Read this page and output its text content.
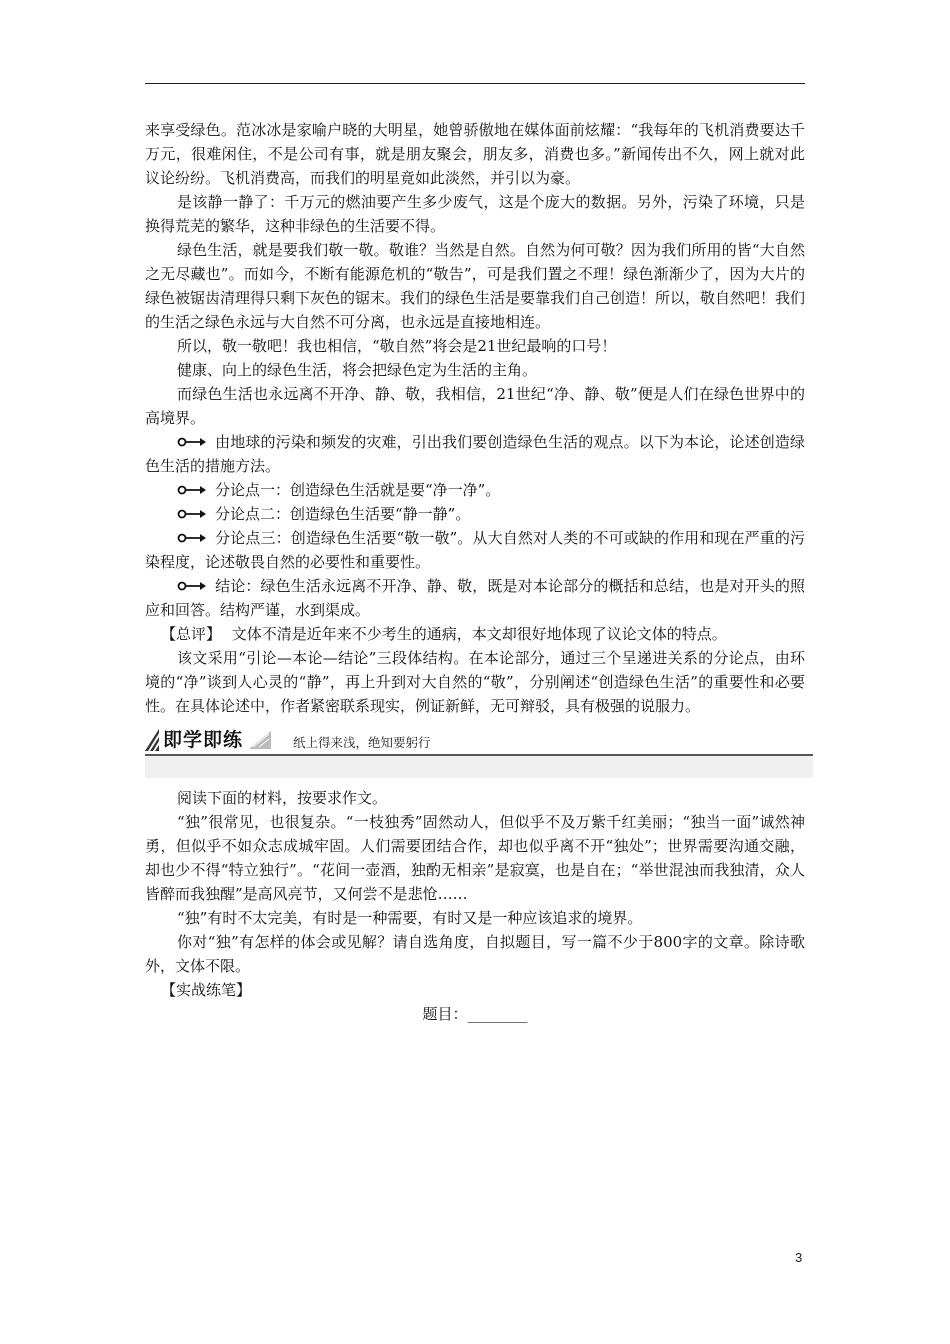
来享受绿色。范冰冰是家喻户晓的大明星，她曾骄傲地在媒体面前炫耀：“我每年的飞机消费要达千万元，很难闲住，不是公司有事，就是朋友聚会，朋友多，消费也多。”新闻传出不久，网上就对此议论纷纷。飞机消费高，而我们的明星竟如此淡然，并引以为豪。

是该静一静了：千万元的燃油要产生多少废气，这是个庞大的数据。另外，污染了环境，只是换得荒芜的繁华，这种非绿色的生活要不得。

绿色生活，就是要我们敬一敬。敬谁？当然是自然。自然为何可敬？因为我们所用的皆“大自然之无尽藏也”。而如今，不断有能源危机的“敬告”，可是我们置之不理！绿色渐渐少了，因为大片的绿色被锯齿清理得只剩下灰色的锯末。我们的绿色生活是要靠我们自己创造！所以，敬自然吧！我们的生活之绿色永远与大自然不可分离，也永远是直接地相连。

所以，敬一敬吧！我也相信，“敬自然”将会是21世纪最响的口号！

健康、向上的绿色生活，将会把绿色定为生活的主角。

而绿色生活也永远离不开净、静、敬，我相信，21世纪“净、静、敬”便是人们在绿色世界中的高境界。

由地球的污染和频发的灾难，引出我们要创造绿色生活的观点。以下为本论，论述创造绿色生活的措施方法。

分论点一：创造绿色生活就是要“净一净”。

分论点二：创造绿色生活要“静一静”。

分论点三：创造绿色生活要“敬一敬”。从大自然对人类的不可或缺的作用和现在严重的污染程度，论述敬畏自然的必要性和重要性。

结论：绿色生活永远离不开净、静、敬，既是对本论部分的概括和总结，也是对开头的照应和回答。结构严谨，水到渠成。

【总评】 文体不清是近年来不少考生的通病，本文却很好地体现了议论文体的特点。

该文采用“引论—本论—结论”三段体结构。在本论部分，通过三个呈递进关系的分论点，由环境的“净”谈到人心灵的“静”，再上升到对大自然的“敬”，分别阐述“创造绿色生活”的重要性和必要性。在具体论述中，作者紧密联系现实，例证新鲜，无可辩驳，具有极强的说服力。

即学即练	纸上得来浅，绝知要躬行

阅读下面的材料，按要求作文。

“独”很常见，也很复杂。“一枝独秀”固然动人，但似乎不及万紫千红美丽；“独当一面”诚然神勇，但似乎不如众志成城牢固。人们需要团结合作，却也似乎离不开“独处”；世界需要沟通交融，却也少不得“特立独行”。“花间一壶酒，独酌无相亲”是寂寞，也是自在；“举世混浊而我独清，众人皆醉而我独醒”是高风亮节，又何尝不是悲怆……

“独”有时不太完美，有时是一种需要，有时又是一种应该追求的境界。

你对“独”有怎样的体会或见解？请自选角度，自拟题目，写一篇不少于800字的文章。除诗歌外，文体不限。

【实战练笔】

题目：________

3
